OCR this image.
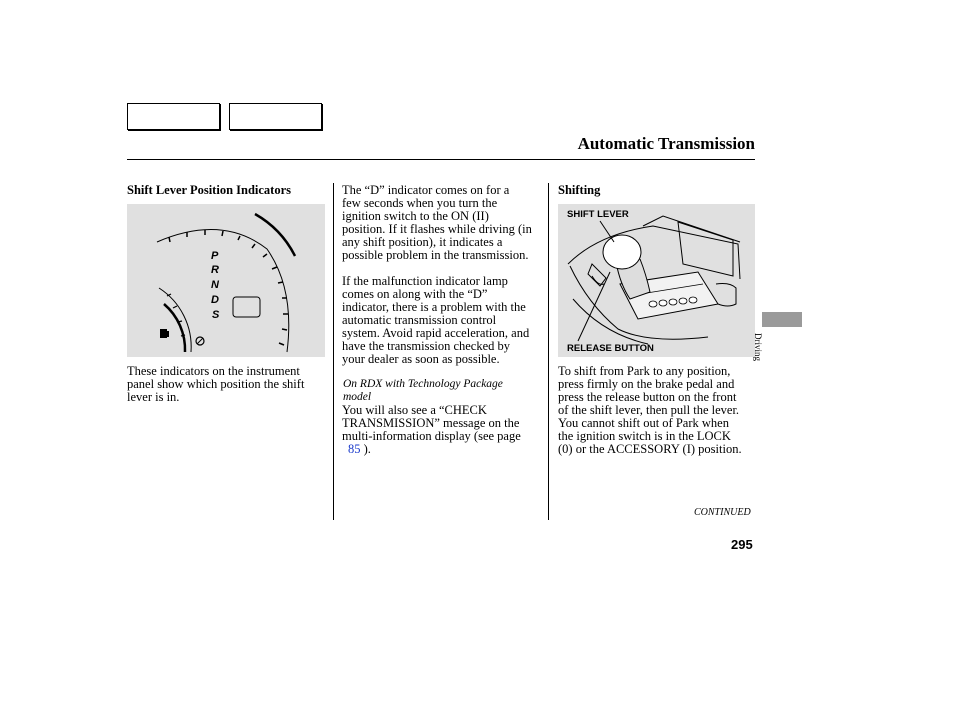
Automatic Transmission
Shift Lever Position Indicators
P
R
N
D
S

These indicators on the instrument
panel show which position the shift
lever is in.

The “D” indicator comes on for a
few seconds when you turn the
ignition switch to the ON (II)
position. If it flashes while driving (in
any shift position), it indicates a
possible problem in the transmission.

If the malfunction indicator lamp
comes on along with the “D”
indicator, there is a problem with the
automatic transmission control
system. Avoid rapid acceleration, and
have the transmission checked by
your dealer as soon as possible.

On RDX with Technology Package
model

You will also see a “CHECK
TRANSMISSION” message on the
multi-information display (see page
85 ).

Shifting
SHIFT LEVER
RELEASE BUTTON

To shift from Park to any position,
press firmly on the brake pedal and
press the release button on the front
of the shift lever, then pull the lever.
You cannot shift out of Park when
the ignition switch is in the LOCK
(0) or the ACCESSORY (I) position.

CONTINUED
295
Driving
